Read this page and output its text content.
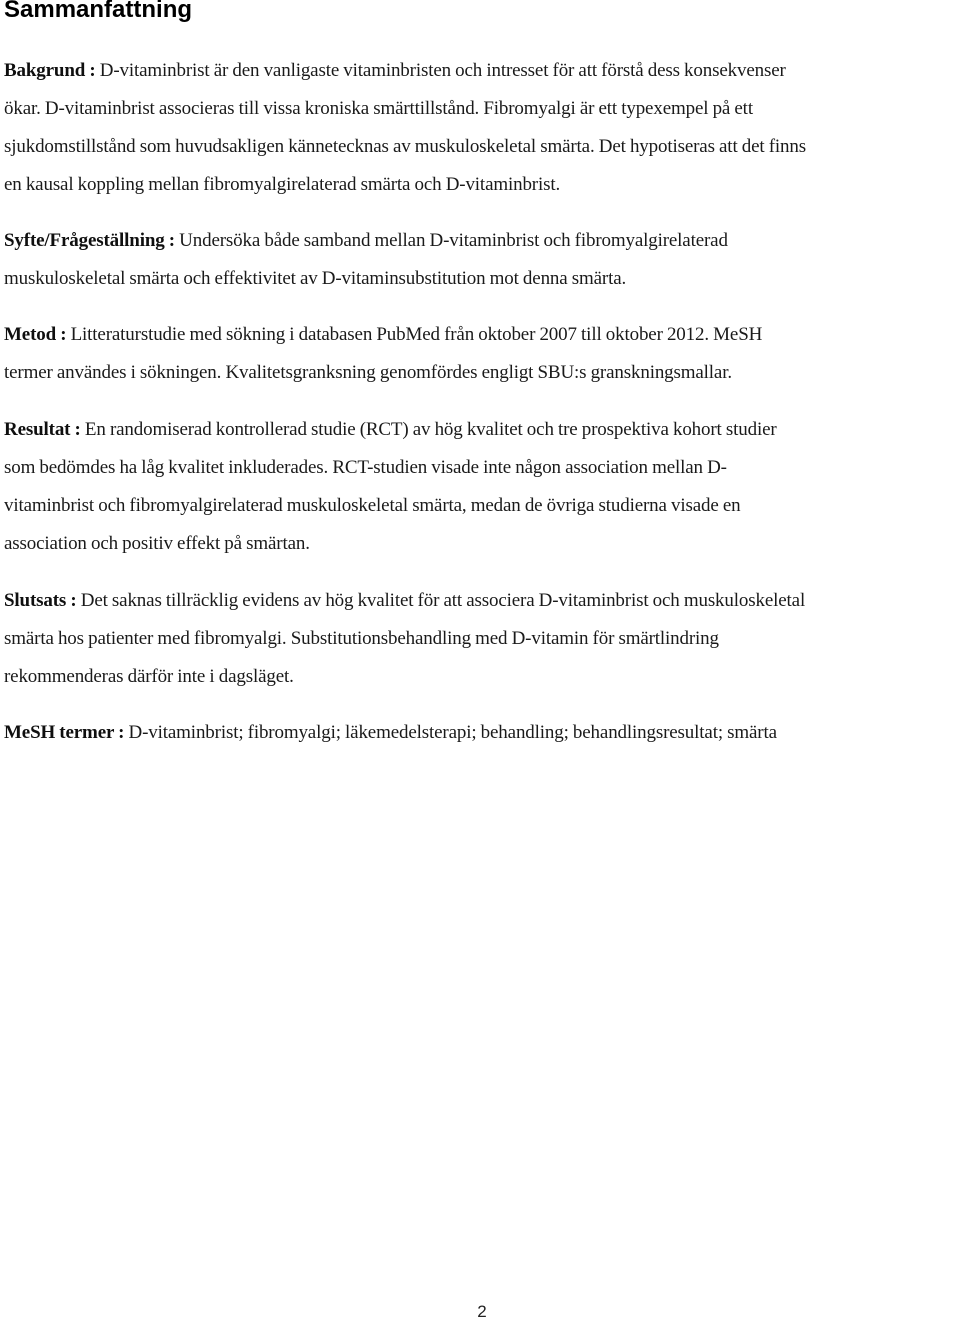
Sammanfattning

Bakgrund : D-vitaminbrist är den vanligaste vitaminbristen och intresset för att förstå dess konsekvenser
ökar. D-vitaminbrist associeras till vissa kroniska smärttillstånd. Fibromyalgi är ett typexempel på ett
sjukdomstillstånd som huvudsakligen kännetecknas av muskuloskeletal smärta. Det hypotiseras att det finns
en kausal koppling mellan fibromyalgirelaterad smärta och D-vitaminbrist.

Syfte/Frågeställning : Undersöka både samband mellan D-vitaminbrist och fibromyalgirelaterad
muskuloskeletal smärta och effektivitet av D-vitaminsubstitution mot denna smärta.

Metod : Litteraturstudie med sökning i databasen PubMed från oktober 2007 till oktober 2012. MeSH
termer användes i sökningen. Kvalitetsgranksning genomfördes engligt SBU:s granskningsmallar.

Resultat : En randomiserad kontrollerad studie (RCT) av hög kvalitet och tre prospektiva kohort studier
som bedömdes ha låg kvalitet inkluderades. RCT-studien visade inte någon association mellan D-
vitaminbrist och fibromyalgirelaterad muskuloskeletal smärta, medan de övriga studierna visade en
association och positiv effekt på smärtan.

Slutsats : Det saknas tillräcklig evidens av hög kvalitet för att associera D-vitaminbrist och muskuloskeletal
smärta hos patienter med fibromyalgi. Substitutionsbehandling med D-vitamin för smärtlindring
rekommenderas därför inte i dagsläget.

MeSH termer : D-vitaminbrist; fibromyalgi; läkemedelsterapi; behandling; behandlingsresultat; smärta

2
